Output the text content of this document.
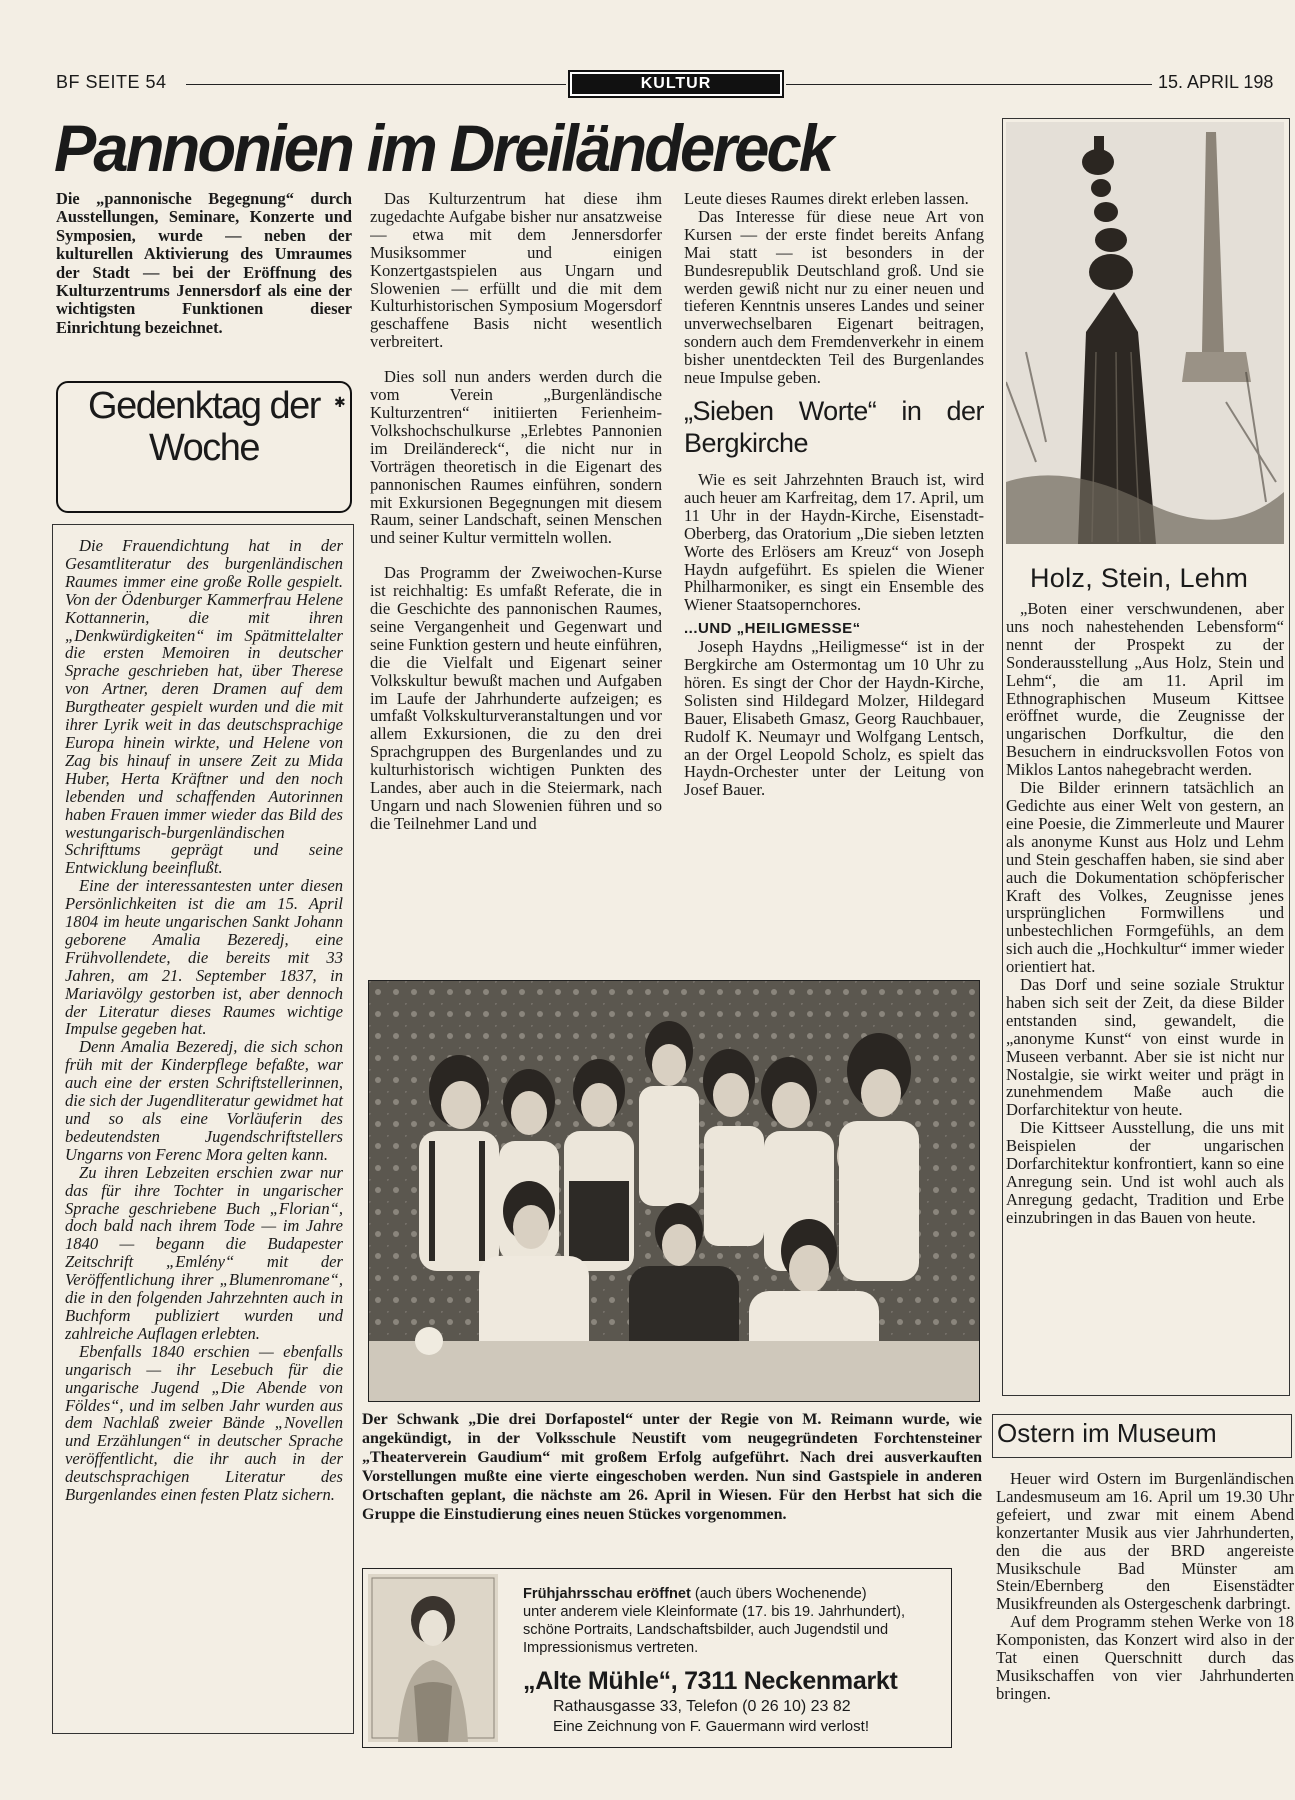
BF SEITE 54	KULTUR	15. APRIL 198
Pannonien im Dreiländereck
Die „pannonische Begegnung“ durch Ausstellungen, Seminare, Konzerte und Symposien, wurde — neben der kulturellen Aktivierung des Umraumes der Stadt — bei der Eröffnung des Kulturzentrums Jennersdorf als eine der wichtigsten Funktionen dieser Einrichtung bezeichnet.
Gedenktag der Woche
✱

Die Frauendichtung hat in der Gesamtliteratur des burgenländischen Raumes immer eine große Rolle gespielt. Von der Ödenburger Kammerfrau Helene Kottannerin, die mit ihren „Denkwürdigkeiten“ im Spätmittelalter die ersten Memoiren in deutscher Sprache geschrieben hat, über Therese von Artner, deren Dramen auf dem Burgtheater gespielt wurden und die mit ihrer Lyrik weit in das deutschsprachige Europa hinein wirkte, und Helene von Zag bis hinauf in unsere Zeit zu Mida Huber, Herta Kräftner und den noch lebenden und schaffenden Autorinnen haben Frauen immer wieder das Bild des westungarisch-burgenländischen Schrifttums geprägt und seine Entwicklung beeinflußt.

Eine der interessantesten unter diesen Persönlichkeiten ist die am 15. April 1804 im heute ungarischen Sankt Johann geborene Amalia Bezeredj, eine Frühvollendete, die bereits mit 33 Jahren, am 21. September 1837, in Mariavölgy gestorben ist, aber dennoch der Literatur dieses Raumes wichtige Impulse gegeben hat.

Denn Amalia Bezeredj, die sich schon früh mit der Kinderpflege befaßte, war auch eine der ersten Schriftstellerinnen, die sich der Jugendliteratur gewidmet hat und so als eine Vorläuferin des bedeutendsten Jugendschriftstellers Ungarns von Ferenc Mora gelten kann.

Zu ihren Lebzeiten erschien zwar nur das für ihre Tochter in ungarischer Sprache geschriebene Buch „Florian“, doch bald nach ihrem Tode — im Jahre 1840 — begann die Budapester Zeitschrift „Emlény“ mit der Veröffentlichung ihrer „Blumenromane“, die in den folgenden Jahrzehnten auch in Buchform publiziert wurden und zahlreiche Auflagen erlebten.

Ebenfalls 1840 erschien — ebenfalls ungarisch — ihr Lesebuch für die ungarische Jugend „Die Abende von Földes“, und im selben Jahr wurden aus dem Nachlaß zweier Bände „Novellen und Erzählungen“ in deutscher Sprache veröffentlicht, die ihr auch in der deutschsprachigen Literatur des Burgenlandes einen festen Platz sichern.

Das Kulturzentrum hat diese ihm zugedachte Aufgabe bisher nur ansatzweise — etwa mit dem Jennersdorfer Musiksommer und einigen Konzertgastspielen aus Ungarn und Slowenien — erfüllt und die mit dem Kulturhistorischen Symposium Mogersdorf geschaffene Basis nicht wesentlich verbreitert.

Dies soll nun anders werden durch die vom Verein „Burgenländische Kulturzentren“ initiierten Ferienheim-Volkshochschulkurse „Erlebtes Pannonien im Dreiländereck“, die nicht nur in Vorträgen theoretisch in die Eigenart des pannonischen Raumes einführen, sondern mit Exkursionen Begegnungen mit diesem Raum, seiner Landschaft, seinen Menschen und seiner Kultur vermitteln wollen.

Das Programm der Zweiwochen-Kurse ist reichhaltig: Es umfaßt Referate, die in die Geschichte des pannonischen Raumes, seine Vergangenheit und Gegenwart und seine Funktion gestern und heute einführen, die die Vielfalt und Eigenart seiner Volkskultur bewußt machen und Aufgaben im Laufe der Jahrhunderte aufzeigen; es umfaßt Volkskulturveranstaltungen und vor allem Exkursionen, die zu den drei Sprachgruppen des Burgenlandes und zu kulturhistorisch wichtigen Punkten des Landes, aber auch in die Steiermark, nach Ungarn und nach Slowenien führen und so die Teilnehmer Land und

Leute dieses Raumes direkt erleben lassen.

Das Interesse für diese neue Art von Kursen — der erste findet bereits Anfang Mai statt — ist besonders in der Bundesrepublik Deutschland groß. Und sie werden gewiß nicht nur zu einer neuen und tieferen Kenntnis unseres Landes und seiner unverwechselbaren Eigenart beitragen, sondern auch dem Fremdenverkehr in einem bisher unentdeckten Teil des Burgenlandes neue Impulse geben.

„Sieben Worte“ in der Bergkirche

Wie es seit Jahrzehnten Brauch ist, wird auch heuer am Karfreitag, dem 17. April, um 11 Uhr in der Haydn-Kirche, Eisenstadt-Oberberg, das Oratorium „Die sieben letzten Worte des Erlösers am Kreuz“ von Joseph Haydn aufgeführt. Es spielen die Wiener Philharmoniker, es singt ein Ensemble des Wiener Staatsopernchores.

...UND „HEILIGMESSE“

Joseph Haydns „Heiligmesse“ ist in der Bergkirche am Ostermontag um 10 Uhr zu hören. Es singt der Chor der Haydn-Kirche, Solisten sind Hildegard Molzer, Hildegard Bauer, Elisabeth Gmasz, Georg Rauchbauer, Rudolf K. Neumayr und Wolfgang Lentsch, an der Orgel Leopold Scholz, es spielt das Haydn-Orchester unter der Leitung von Josef Bauer.

Der Schwank „Die drei Dorfapostel“ unter der Regie von M. Reimann wurde, wie angekündigt, in der Volksschule Neustift vom neugegründeten Forchtensteiner „Theaterverein Gaudium“ mit großem Erfolg aufgeführt. Nach drei ausverkauften Vorstellungen mußte eine vierte eingeschoben werden. Nun sind Gastspiele in anderen Ortschaften geplant, die nächste am 26. April in Wiesen. Für den Herbst hat sich die Gruppe die Einstudierung eines neuen Stückes vorgenommen.
Frühjahrsschau eröffnet (auch übers Wochenende)
unter anderem viele Kleinformate (17. bis 19. Jahrhundert), schöne Portraits, Landschaftsbilder, auch Jugendstil und Impressionismus vertreten.
„Alte Mühle“, 7311 Neckenmarkt
Rathausgasse 33, Telefon (0 26 10) 23 82
Eine Zeichnung von F. Gauermann wird verlost!
Holz, Stein, Lehm

„Boten einer verschwundenen, aber uns noch nahestehenden Lebensform“ nennt der Prospekt zu der Sonderausstellung „Aus Holz, Stein und Lehm“, die am 11. April im Ethnographischen Museum Kittsee eröffnet wurde, die Zeugnisse der ungarischen Dorfkultur, die den Besuchern in eindrucksvollen Fotos von Miklos Lantos nahegebracht werden.

Die Bilder erinnern tatsächlich an Gedichte aus einer Welt von gestern, an eine Poesie, die Zimmerleute und Maurer als anonyme Kunst aus Holz und Lehm und Stein geschaffen haben, sie sind aber auch die Dokumentation schöpferischer Kraft des Volkes, Zeugnisse jenes ursprünglichen Formwillens und unbestechlichen Formgefühls, an dem sich auch die „Hochkultur“ immer wieder orientiert hat.

Das Dorf und seine soziale Struktur haben sich seit der Zeit, da diese Bilder entstanden sind, gewandelt, die „anonyme Kunst“ von einst wurde in Museen verbannt. Aber sie ist nicht nur Nostalgie, sie wirkt weiter und prägt in zunehmendem Maße auch die Dorfarchitektur von heute.

Die Kittseer Ausstellung, die uns mit Beispielen der ungarischen Dorfarchitektur konfrontiert, kann so eine Anregung sein. Und ist wohl auch als Anregung gedacht, Tradition und Erbe einzubringen in das Bauen von heute.

Ostern im Museum

Heuer wird Ostern im Burgenländischen Landesmuseum am 16. April um 19.30 Uhr gefeiert, und zwar mit einem Abend konzertanter Musik aus vier Jahrhunderten, den die aus der BRD angereiste Musikschule Bad Münster am Stein/Ebernberg den Eisenstädter Musikfreunden als Ostergeschenk darbringt.

Auf dem Programm stehen Werke von 18 Komponisten, das Konzert wird also in der Tat einen Querschnitt durch das Musikschaffen von vier Jahrhunderten bringen.
